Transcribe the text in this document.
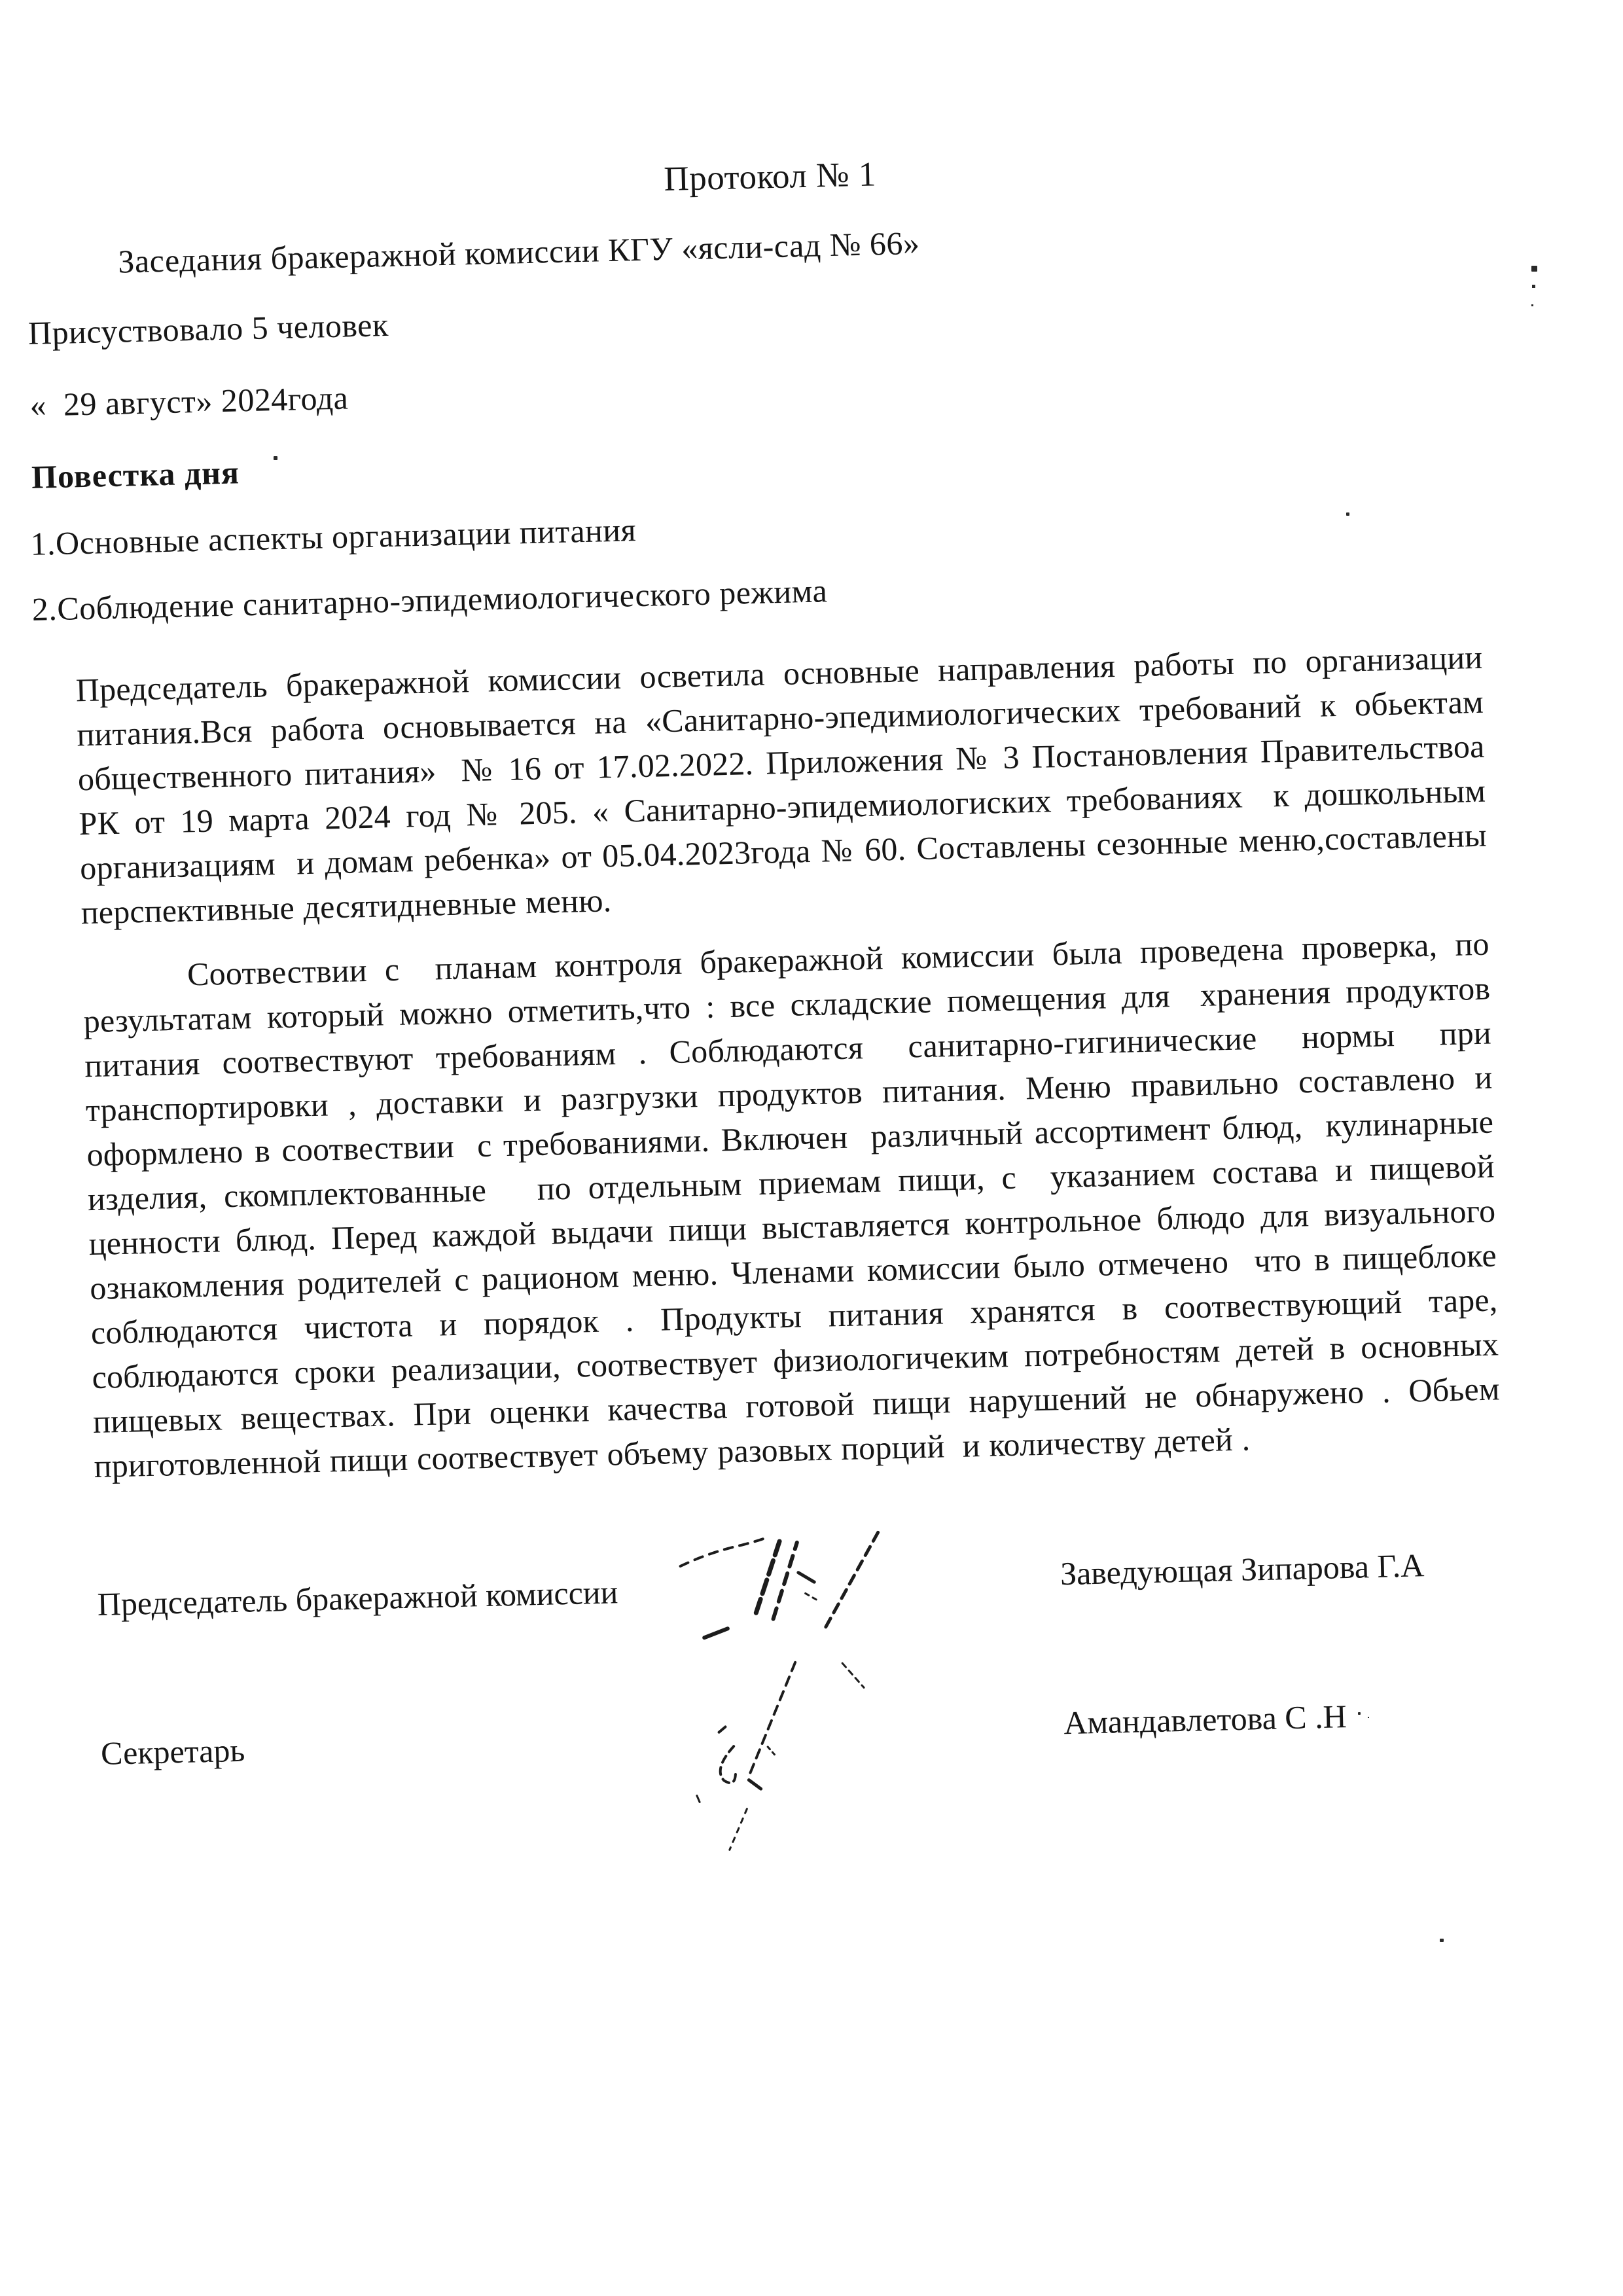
Протокол № 1
Заседания бракеражной комиссии КГУ «ясли-сад № 66»
Присуствовало 5 человек
«  29 август» 2024года
Повестка дня
1.Основные аспекты организации питания
2.Соблюдение санитарно-эпидемиологического режима
Председатель бракеражной комиссии осветила основные направления работы по организации питания.Вся работа основывается на «Санитарно-эпедимиологических требований к обьектам общественного питания»  № 16 от 17.02.2022. Приложения № 3 Постановления Правительствоа РК от 19 марта 2024 год № 205. « Санитарно-эпидемиологиских требованиях  к дошкольным организациям  и домам ребенка» от 05.04.2023года № 60. Составлены сезонные меню,составлены перспективные десятидневные меню.
Соотвествии с  планам контроля бракеражной комиссии была проведена проверка, по результатам который можно отметить,что : все складские помещения для  хранения продуктов питания соотвествуют требованиям . Соблюдаются  санитарно-гигинические  нормы  при транспортировки , доставки и разгрузки продуктов питания. Меню правильно составлено и оформлено в соотвествии  с требованиями. Включен  различный ассортимент блюд,  кулинарные изделия, скомплектованные   по отдельным приемам пищи, с  указанием состава и пищевой ценности блюд. Перед каждой выдачи пищи выставляется контрольное блюдо для визуального ознакомления родителей с рационом меню. Членами комиссии было отмечено  что в пищеблоке соблюдаются чистота и порядок . Продукты питания хранятся в соотвествующий таре, соблюдаются сроки реализации, соотвествует физиологичеким потребностям детей в основных пищевых веществах. При оценки качества готовой пищи нарушений не обнаружено . Обьем приготовленной пищи соотвествует объему разовых порций  и количеству детей .
Председатель бракеражной комиссии
Заведующая Зипарова Г.А
Секретарь
Амандавлетова С .Н
